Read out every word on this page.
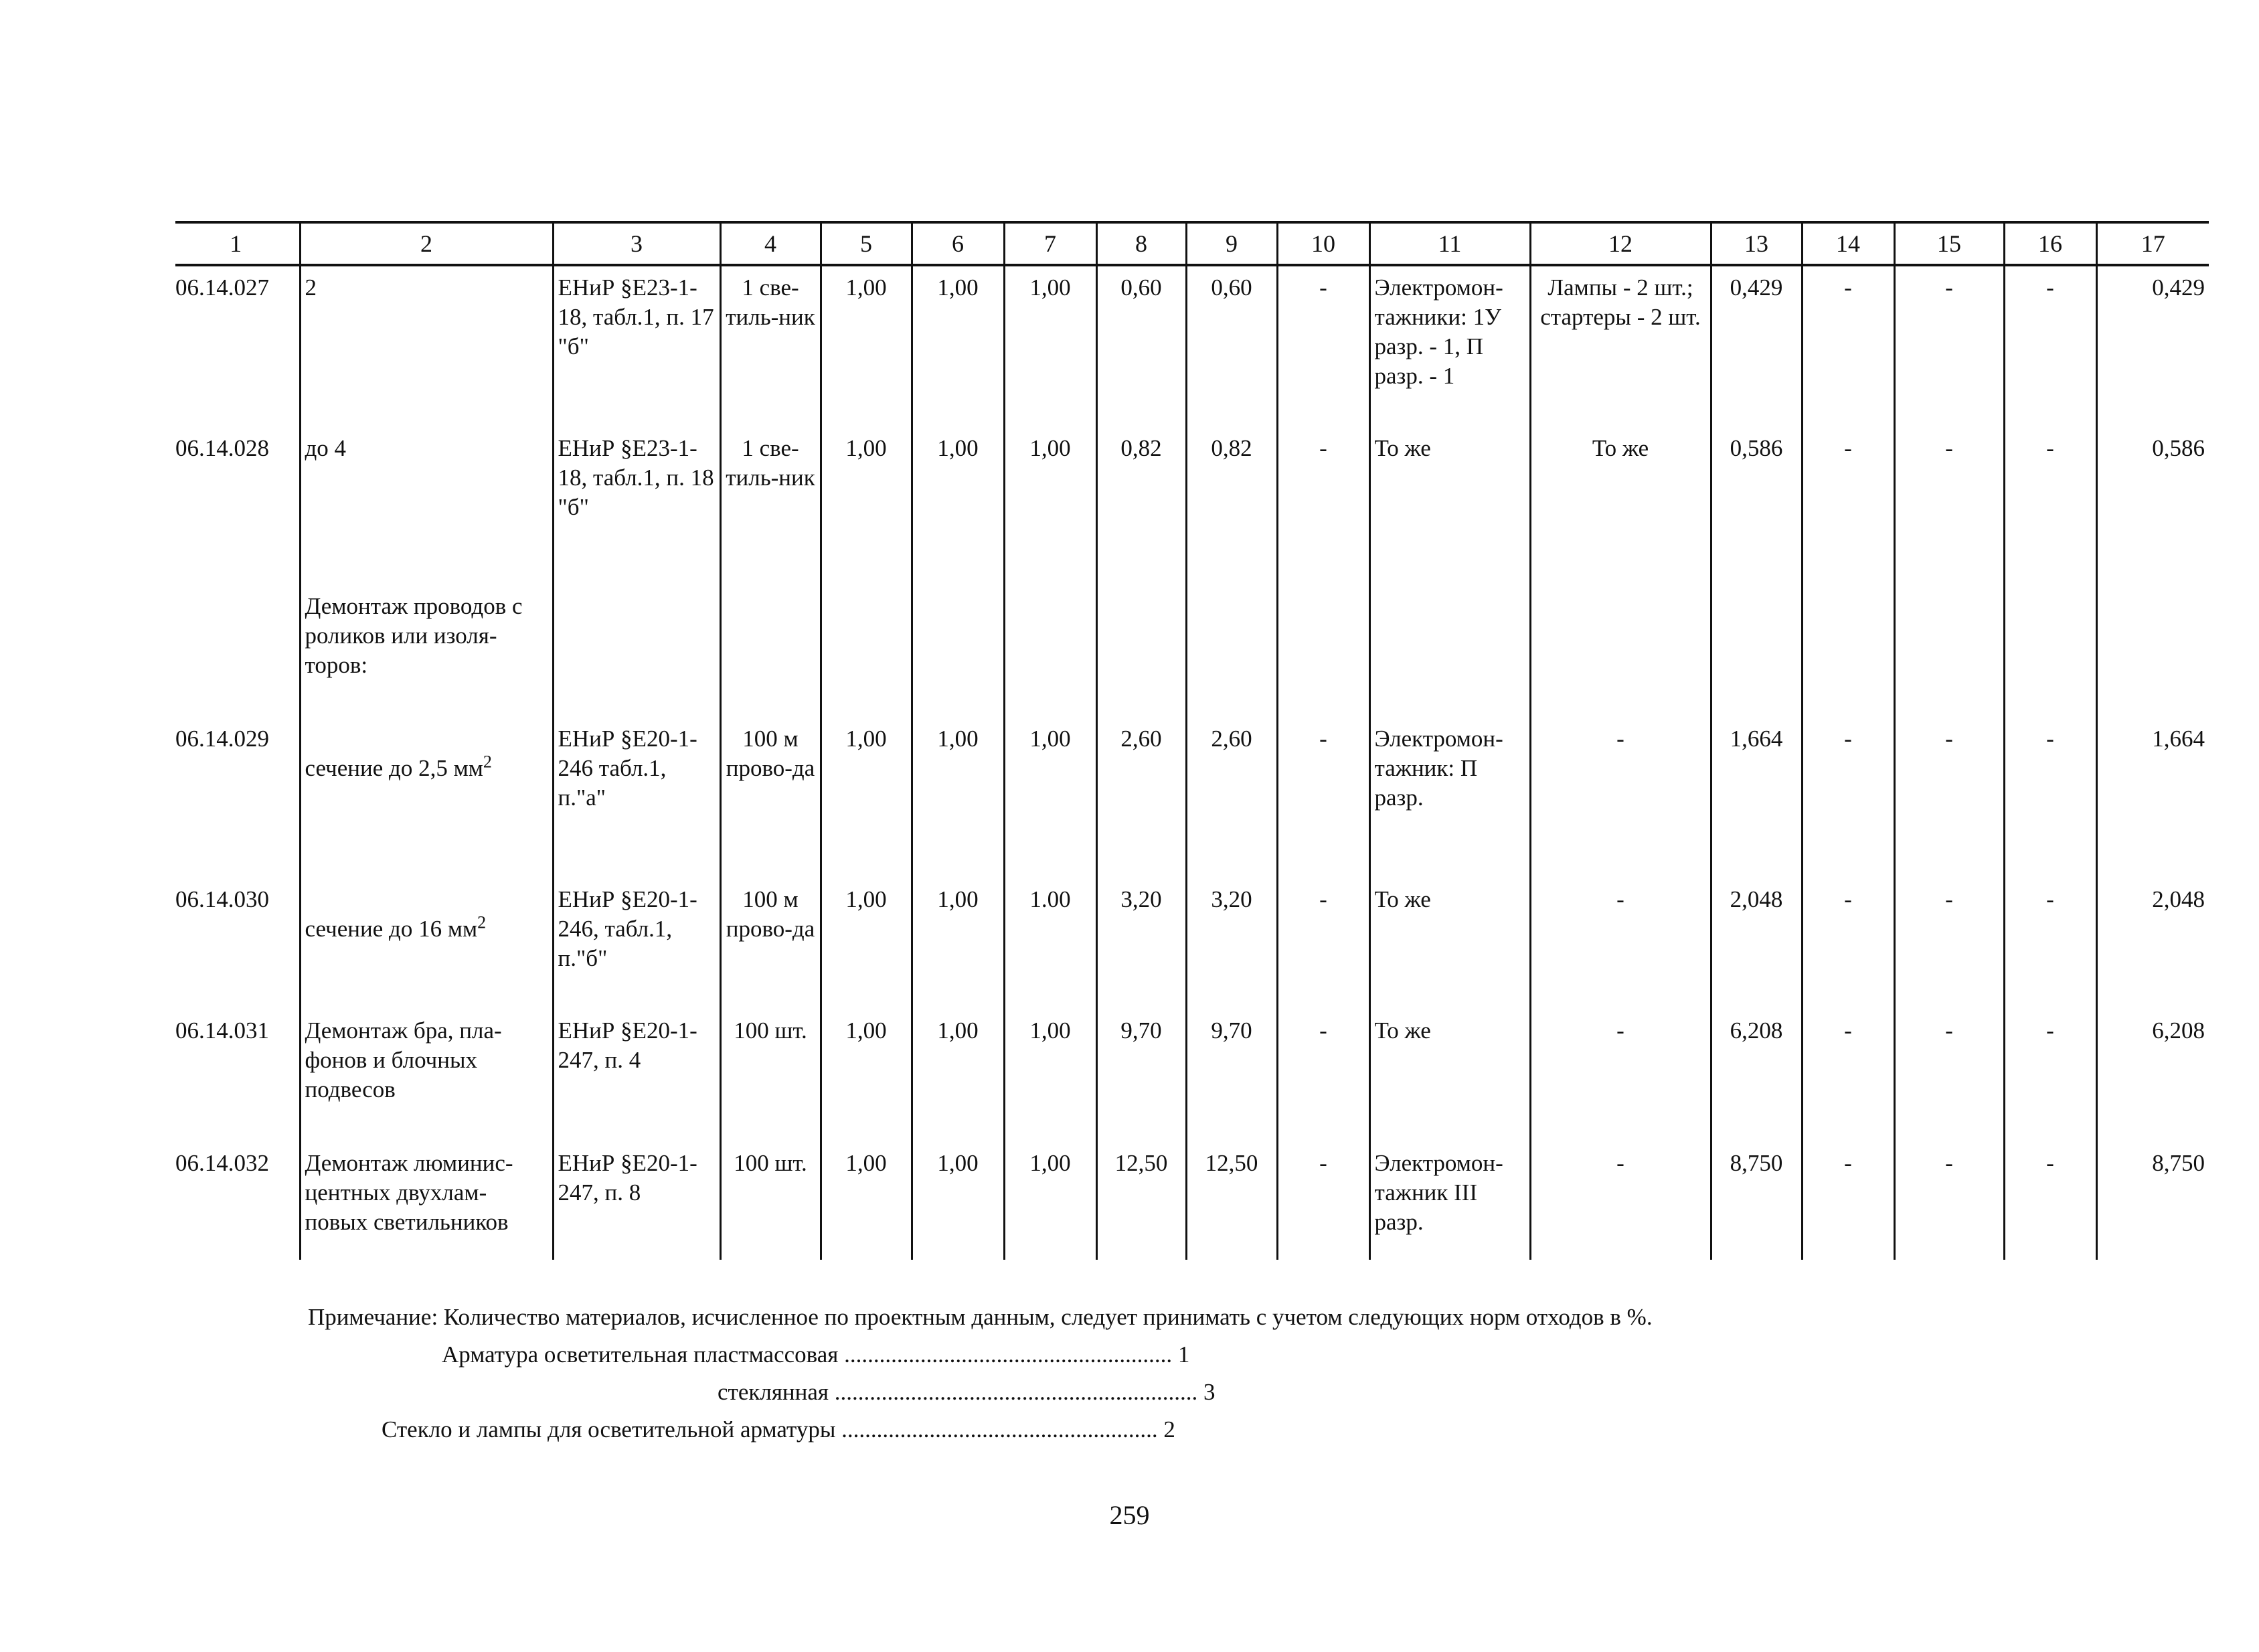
1	2	3	4	5	6	7	8	9	10	11	12	13	14	15	16	17
06.14.027	2	ЕНиР §Е23-1-18, табл.1, п. 17 "б"	1 све-тиль-ник	1,00	1,00	1,00	0,60	0,60	-	Электромон-тажники: 1У разр. - 1, П разр. - 1	Лампы - 2 шт.; стартеры - 2 шт.	0,429	-	-	-	0,429
06.14.028	до 4	ЕНиР §Е23-1-18, табл.1, п. 18 "б"	1 све-тиль-ник	1,00	1,00	1,00	0,82	0,82	-	То же	То же	0,586	-	-	-	0,586
	Демонтаж проводов с роликов или изоля-торов:															
06.14.029	сечение до 2,5 $мм^2$	ЕНиР §Е20-1-246 табл.1, п."а"	100 м прово-да	1,00	1,00	1,00	2,60	2,60	-	Электромон-тажник: П разр.	-	1,664	-	-	-	1,664
06.14.030	сечение до 16 $мм^2$	ЕНиР §Е20-1-246, табл.1, п."б"	100 м прово-да	1,00	1,00	1.00	3,20	3,20	-	То же	-	2,048	-	-	-	2,048
06.14.031	Демонтаж бра, пла-фонов и блочных подвесов	ЕНиР §Е20-1-247, п. 4	100 шт.	1,00	1,00	1,00	9,70	9,70	-	То же	-	6,208	-	-	-	6,208
06.14.032	Демонтаж люминис-центных двухлам-повых светильников	ЕНиР §Е20-1-247, п. 8	100 шт.	1,00	1,00	1,00	12,50	12,50	-	Электромон-тажник III разр.	-	8,750	-	-	-	8,750

Примечание: Количество материалов, исчисленное по проектным данным, следует принимать с учетом следующих норм отходов в %.

Арматура осветительная пластмассовая ........................................................ 1
стеклянная .............................................................. 3
Стекло и лампы для осветительной арматуры ...................................................... 2
259
